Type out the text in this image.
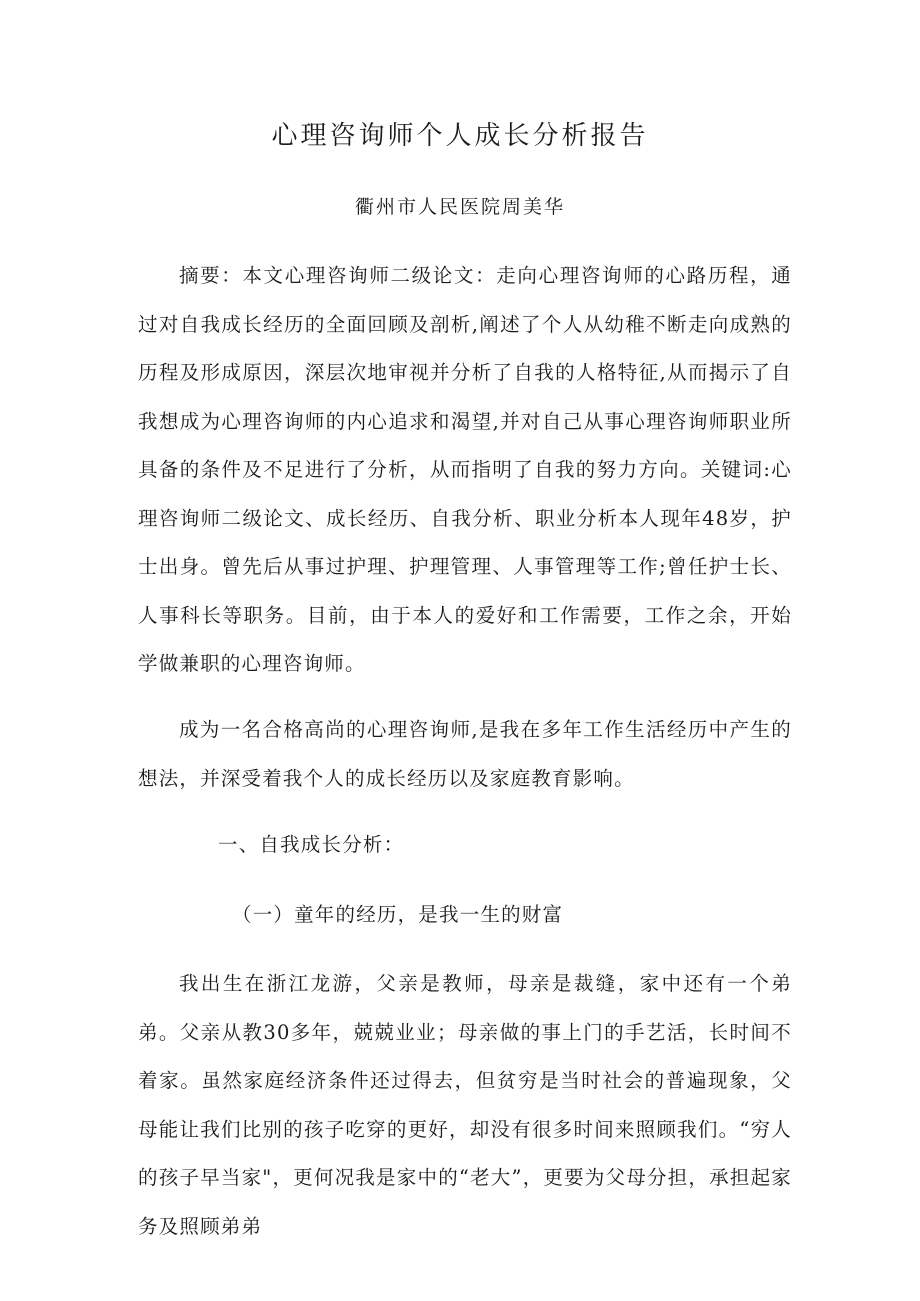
心理咨询师个人成长分析报告
衢州市人民医院周美华

摘要：本文心理咨询师二级论文：走向心理咨询师的心路历程，通过对自我成长经历的全面回顾及剖析,阐述了个人从幼稚不断走向成熟的历程及形成原因，深层次地审视并分析了自我的人格特征,从而揭示了自我想成为心理咨询师的内心追求和渴望,并对自己从事心理咨询师职业所具备的条件及不足进行了分析，从而指明了自我的努力方向。关键词:心理咨询师二级论文、成长经历、自我分析、职业分析本人现年48岁，护士出身。曾先后从事过护理、护理管理、人事管理等工作;曾任护士长、人事科长等职务。目前，由于本人的爱好和工作需要，工作之余，开始学做兼职的心理咨询师。

成为一名合格高尚的心理咨询师,是我在多年工作生活经历中产生的想法，并深受着我个人的成长经历以及家庭教育影响。

一、自我成长分析：
（一）童年的经历，是我一生的财富

我出生在浙江龙游，父亲是教师，母亲是裁缝，家中还有一个弟弟。父亲从教30多年，兢兢业业；母亲做的事上门的手艺活，长时间不着家。虽然家庭经济条件还过得去，但贫穷是当时社会的普遍现象，父母能让我们比别的孩子吃穿的更好，却没有很多时间来照顾我们。“穷人的孩子早当家"，更何况我是家中的“老大”，更要为父母分担，承担起家务及照顾弟弟
